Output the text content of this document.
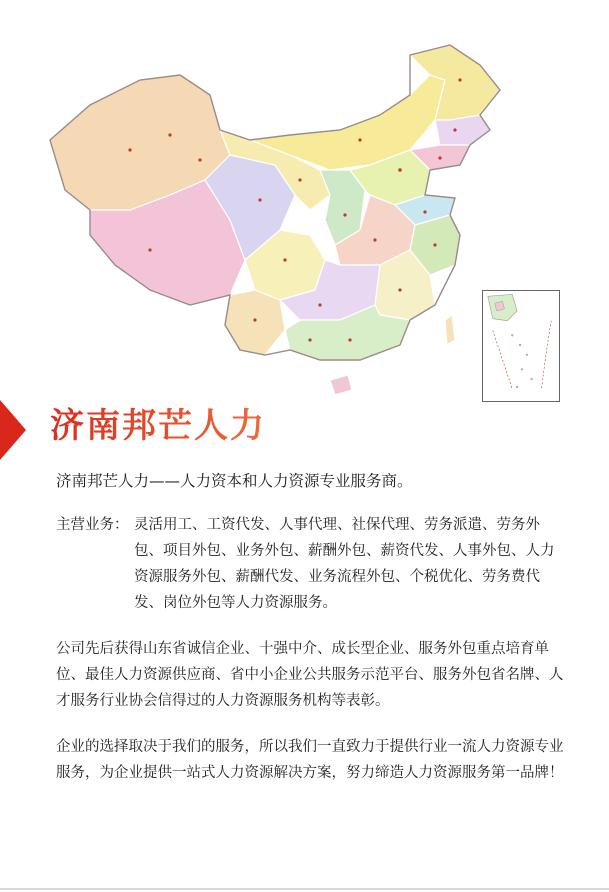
济南邦芒人力

济南邦芒人力——人力资本和人力资源专业服务商。

主营业务： 灵活用工、工资代发、人事代理、社保代理、劳务派遣、劳务外包、项目外包、业务外包、薪酬外包、薪资代发、人事外包、人力资源服务外包、薪酬代发、业务流程外包、个税优化、劳务费代发、岗位外包等人力资源服务。

公司先后获得山东省诚信企业、十强中介、成长型企业、服务外包重点培育单位、最佳人力资源供应商、省中小企业公共服务示范平台、服务外包省名牌、人才服务行业协会信得过的人力资源服务机构等表彰。

企业的选择取决于我们的服务，所以我们一直致力于提供行业一流人力资源专业服务，为企业提供一站式人力资源解决方案，努力缔造人力资源服务第一品牌！
